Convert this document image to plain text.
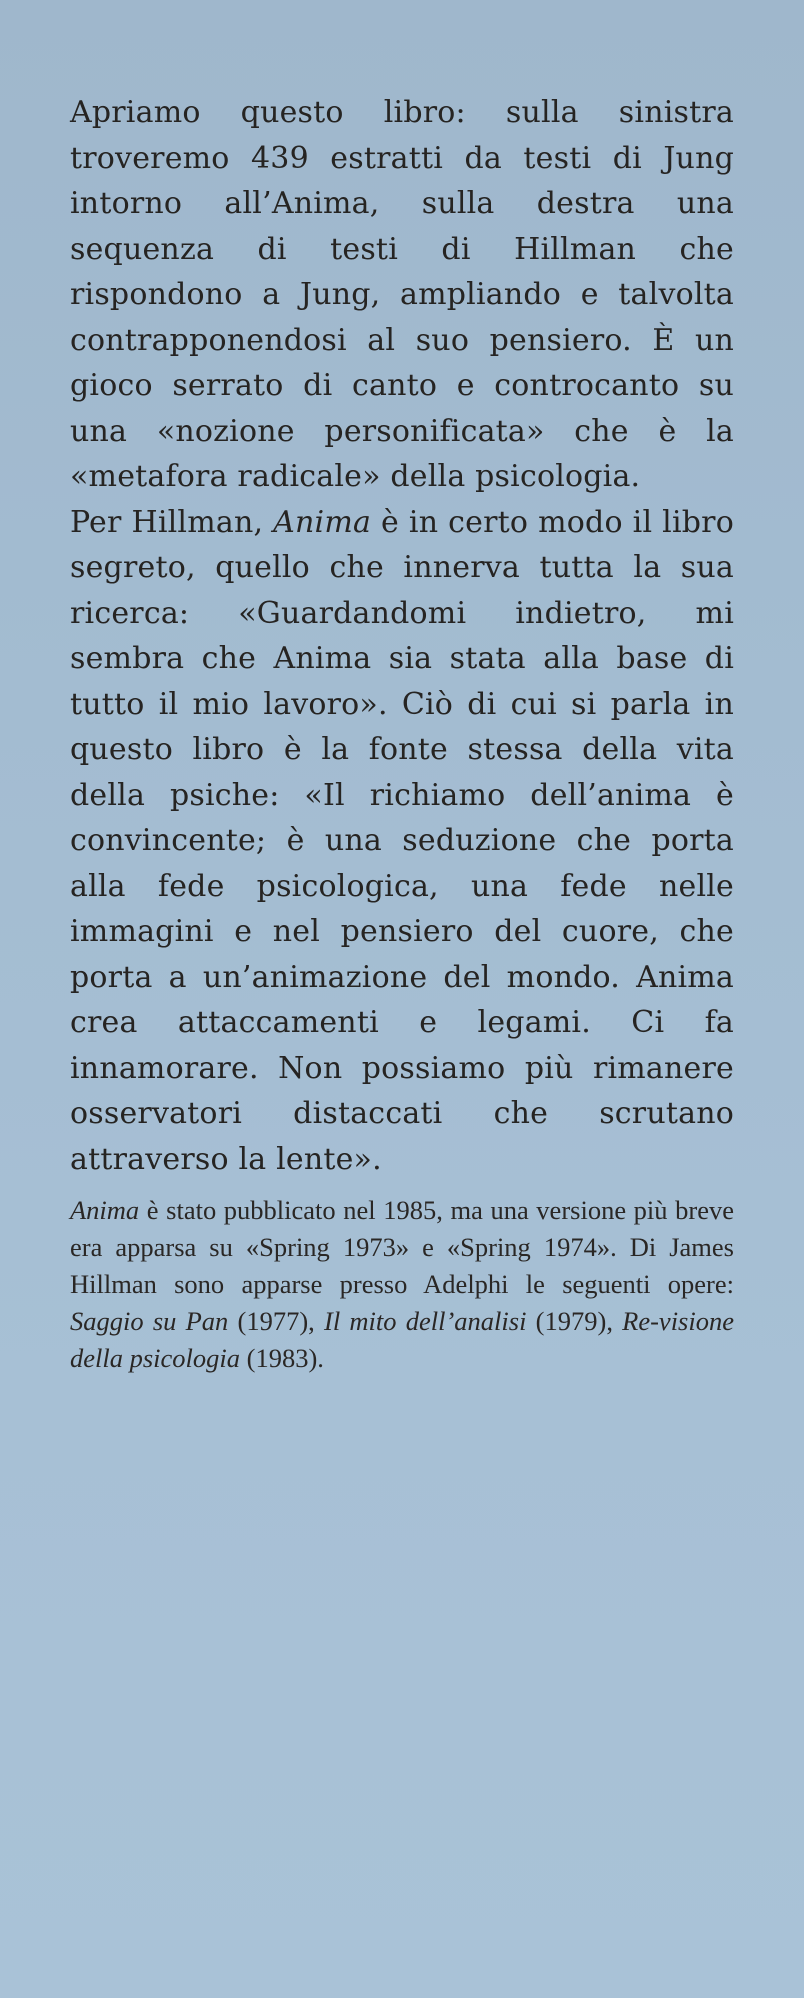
Apriamo questo libro: sulla sinistra troveremo 439 estratti da testi di Jung intorno all’Anima, sulla destra una sequenza di testi di Hillman che rispondono a Jung, ampliando e talvolta contrapponendosi al suo pensiero. È un gioco serrato di canto e controcanto su una «nozione personificata» che è la «metafora radicale» della psicologia.

Per Hillman, Anima è in certo modo il libro segreto, quello che innerva tutta la sua ricerca: «Guardandomi indietro, mi sembra che Anima sia stata alla base di tutto il mio lavoro». Ciò di cui si parla in questo libro è la fonte stessa della vita della psiche: «Il richiamo dell’anima è convincente; è una seduzione che porta alla fede psicologica, una fede nelle immagini e nel pensiero del cuore, che porta a un’animazione del mondo. Anima crea attaccamenti e legami. Ci fa innamorare. Non possiamo più rimanere osservatori distaccati che scrutano attraverso la lente».

Anima è stato pubblicato nel 1985, ma una versione più breve era apparsa su «Spring 1973» e «Spring 1974». Di James Hillman sono apparse presso Adelphi le seguenti opere: Saggio su Pan (1977), Il mito dell’analisi (1979), Re-visione della psicologia (1983).
